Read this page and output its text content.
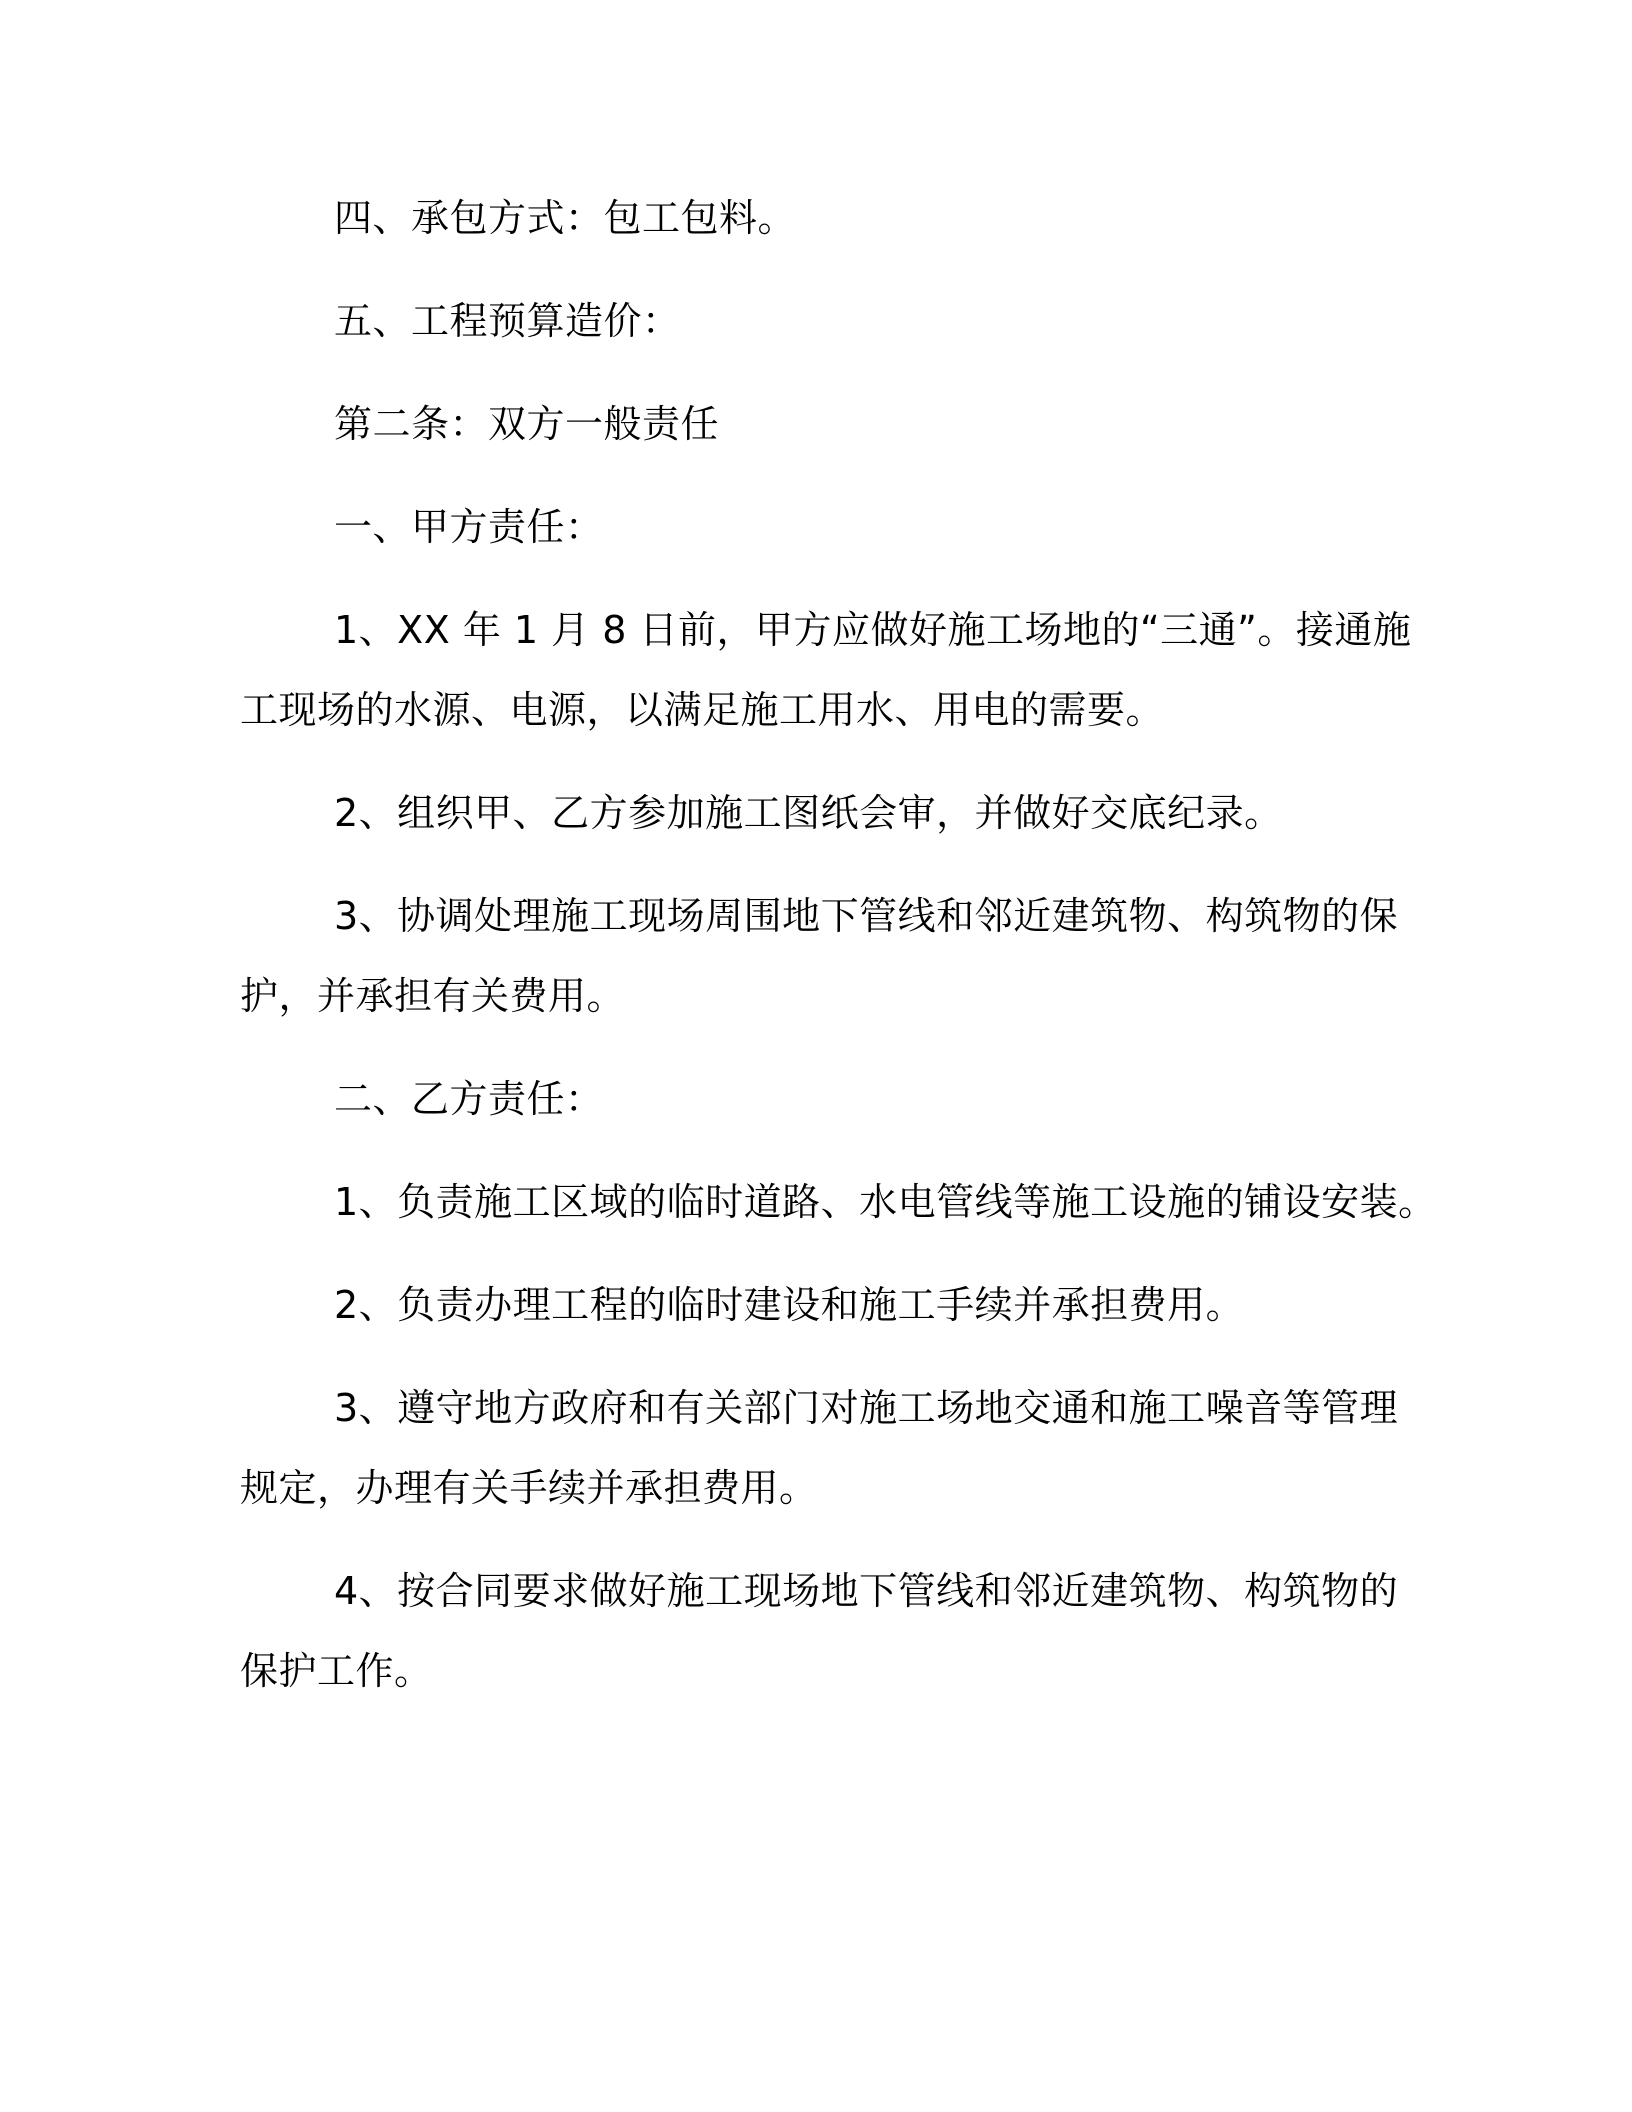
四、承包方式：包工包料。
五、工程预算造价：
第二条：双方一般责任
一、甲方责任：
1、XX 年 1 月 8 日前，甲方应做好施工场地的“三通”。接通施
工现场的水源、电源，以满足施工用水、用电的需要。
2、组织甲、乙方参加施工图纸会审，并做好交底纪录。
3、协调处理施工现场周围地下管线和邻近建筑物、构筑物的保
护，并承担有关费用。
二、乙方责任：
1、负责施工区域的临时道路、水电管线等施工设施的铺设安装。
2、负责办理工程的临时建设和施工手续并承担费用。
3、遵守地方政府和有关部门对施工场地交通和施工噪音等管理
规定，办理有关手续并承担费用。
4、按合同要求做好施工现场地下管线和邻近建筑物、构筑物的
保护工作。
